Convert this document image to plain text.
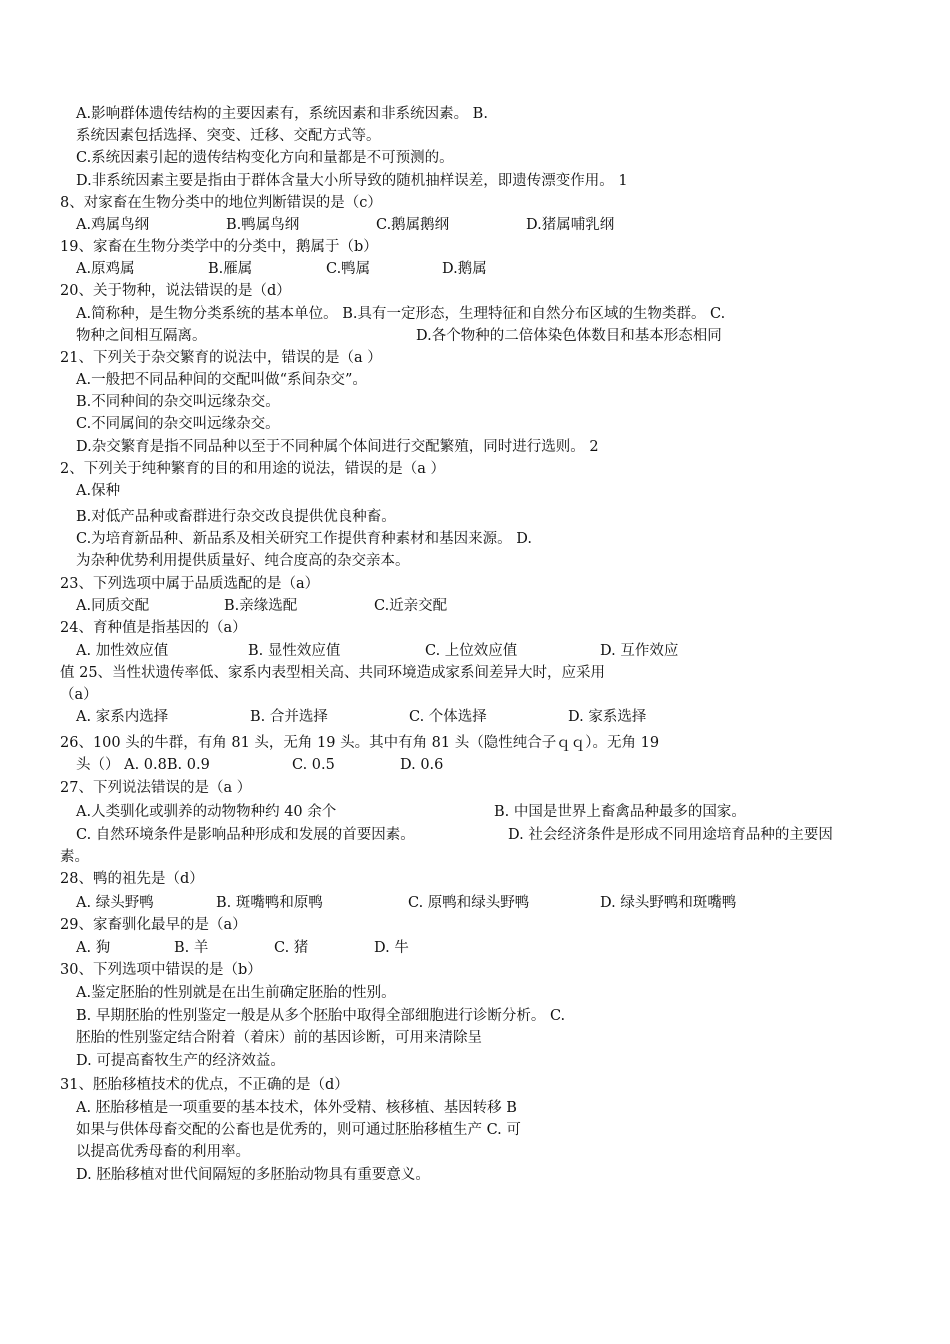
A.影响群体遗传结构的主要因素有，系统因素和非系统因素。 B.
系统因素包括选择、突变、迁移、交配方式等。
C.系统因素引起的遗传结构变化方向和量都是不可预测的。
D.非系统因素主要是指由于群体含量大小所导致的随机抽样误差，即遗传漂变作用。 1
8、对家畜在生物分类中的地位判断错误的是（c）
A.鸡属鸟纲	B.鸭属鸟纲	C.鹅属鹅纲	D.猪属哺乳纲
19、家畜在生物分类学中的分类中，鹅属于（b）
A.原鸡属	B.雁属	C.鸭属	D.鹅属
20、关于物种，说法错误的是（d）
A.简称种，是生物分类系统的基本单位。 B.具有一定形态，生理特征和自然分布区域的生物类群。 C.
物种之间相互隔离。	D.各个物种的二倍体染色体数目和基本形态相同
21、下列关于杂交繁育的说法中，错误的是（a ）
A.一般把不同品种间的交配叫做“系间杂交”。
B.不同种间的杂交叫远缘杂交。
C.不同属间的杂交叫远缘杂交。
D.杂交繁育是指不同品种以至于不同种属个体间进行交配繁殖，同时进行选则。 2
2、下列关于纯种繁育的目的和用途的说法，错误的是（a ）
A.保种
B.对低产品种或畜群进行杂交改良提供优良种畜。
C.为培育新品种、新品系及相关研究工作提供育种素材和基因来源。 D.
为杂种优势利用提供质量好、纯合度高的杂交亲本。
23、下列选项中属于品质选配的是（a）
A.同质交配	B.亲缘选配	C.近亲交配
24、育种值是指基因的（a）
A. 加性效应值	B. 显性效应值	C. 上位效应值	D. 互作效应
值 25、当性状遗传率低、家系内表型相关高、共同环境造成家系间差异大时，应采用
（a）
A. 家系内选择	B. 合并选择	C. 个体选择	D. 家系选择
26、100 头的牛群，有角 81 头，无角 19 头。其中有角 81 头（隐性纯合子ｑｑ）。无角 19
头（） A. 0.8B. 0.9	C. 0.5	D. 0.6
27、下列说法错误的是（a ）
A.人类驯化或驯养的动物物种约 40 余个	B. 中国是世界上畜禽品种最多的国家。
C. 自然环境条件是影响品种形成和发展的首要因素。	D. 社会经济条件是形成不同用途培育品种的主要因
素。
28、鸭的祖先是（d）
A. 绿头野鸭	B. 斑嘴鸭和原鸭	C. 原鸭和绿头野鸭	D. 绿头野鸭和斑嘴鸭
29、家畜驯化最早的是（a）
A. 狗	B. 羊	C. 猪	D. 牛
30、下列选项中错误的是（b）
A.鉴定胚胎的性别就是在出生前确定胚胎的性别。
B. 早期胚胎的性别鉴定一般是从多个胚胎中取得全部细胞进行诊断分析。 C.
胚胎的性别鉴定结合附着（着床）前的基因诊断，可用来清除呈
D. 可提高畜牧生产的经济效益。
31、胚胎移植技术的优点，不正确的是（d）
A. 胚胎移植是一项重要的基本技术，体外受精、核移植、基因转移 B
如果与供体母畜交配的公畜也是优秀的，则可通过胚胎移植生产 C. 可
以提高优秀母畜的利用率。
D. 胚胎移植对世代间隔短的多胚胎动物具有重要意义。
